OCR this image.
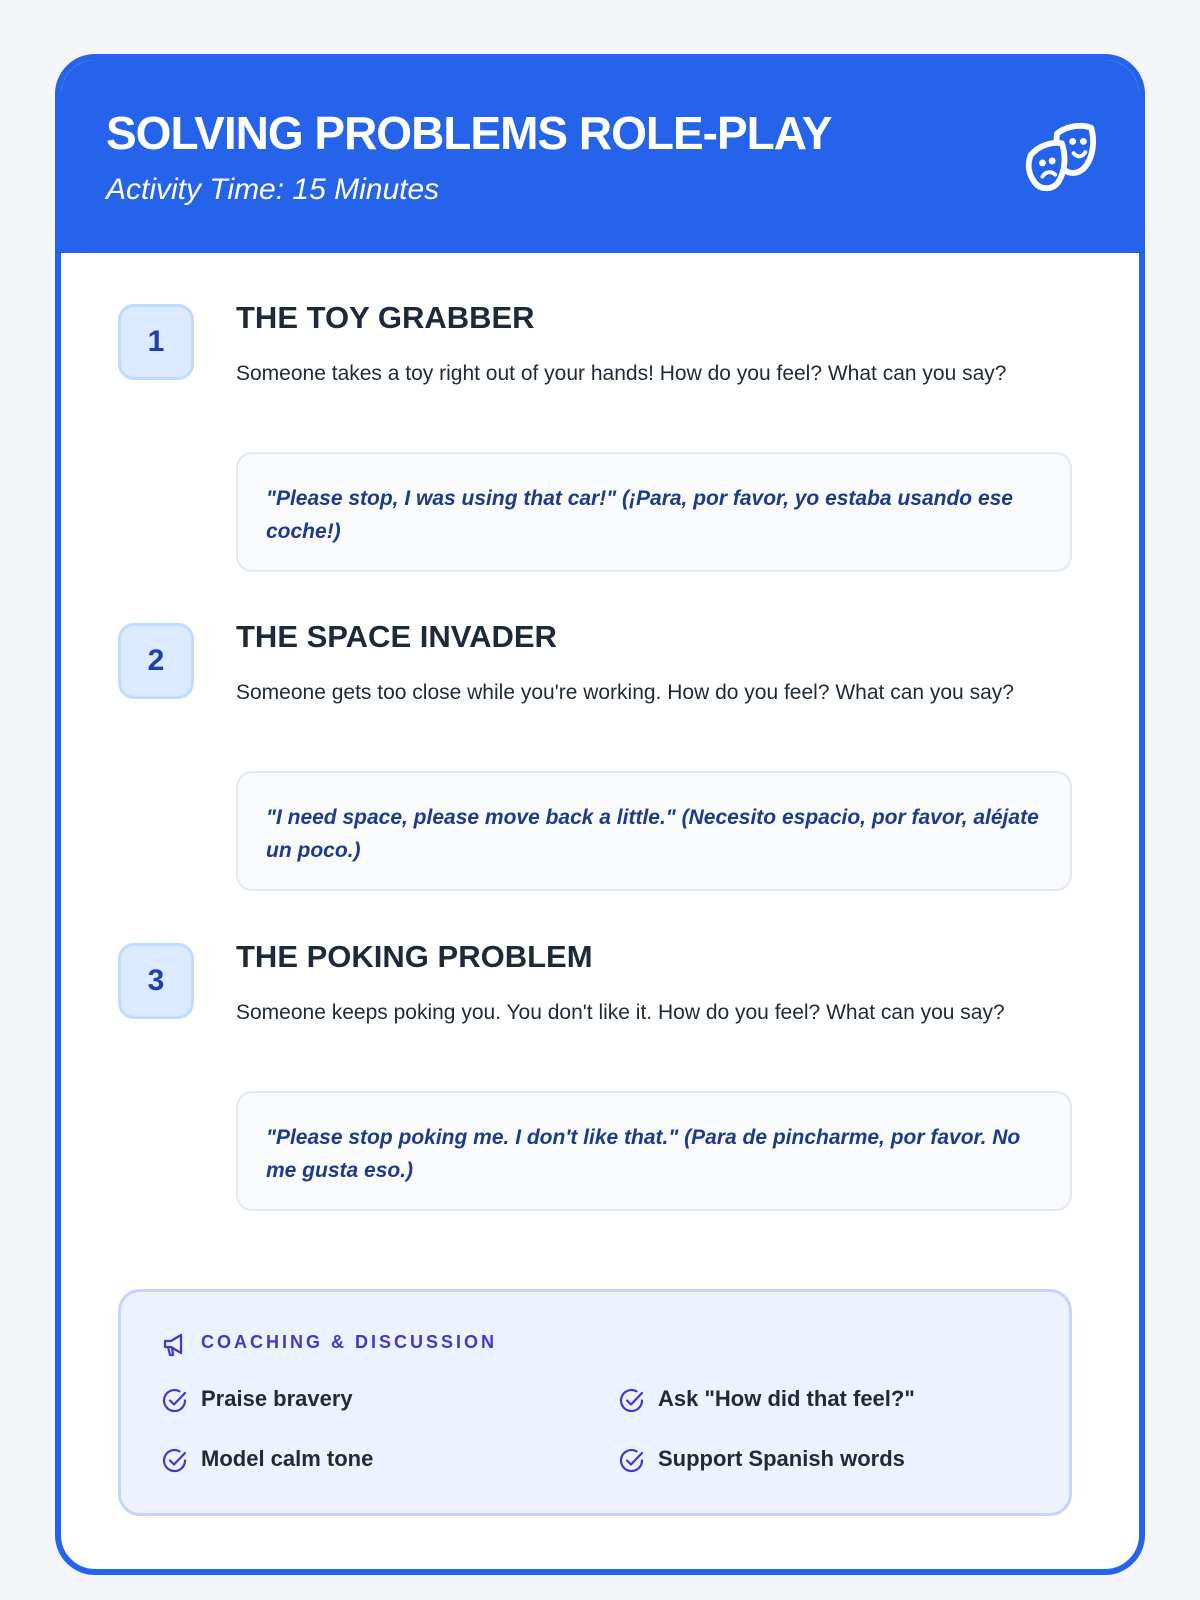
SOLVING PROBLEMS ROLE-PLAY
Activity Time: 15 Minutes
1
THE TOY GRABBER
Someone takes a toy right out of your hands! How do you feel? What can you say?
"Please stop, I was using that car!" (¡Para, por favor, yo estaba usando ese coche!)
2
THE SPACE INVADER
Someone gets too close while you're working. How do you feel? What can you say?
"I need space, please move back a little." (Necesito espacio, por favor, aléjate un poco.)
3
THE POKING PROBLEM
Someone keeps poking you. You don't like it. How do you feel? What can you say?
"Please stop poking me. I don't like that." (Para de pincharme, por favor. No me gusta eso.)
COACHING & DISCUSSION
Praise bravery	Ask "How did that feel?"
Model calm tone	Support Spanish words
